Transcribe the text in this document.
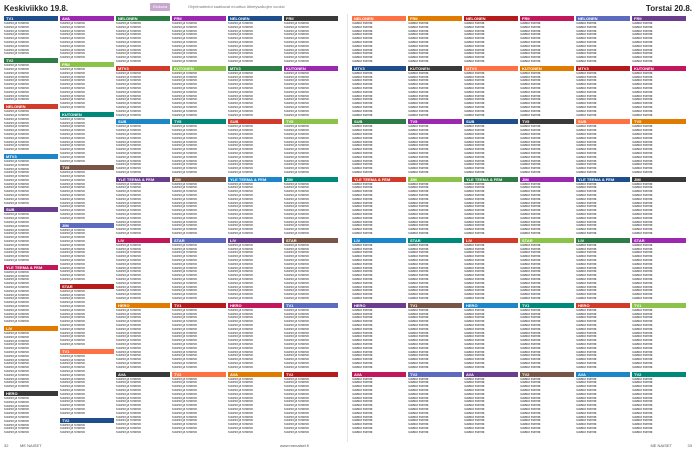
Keskiviikko 19.8.	Elokuva	Ohjelmatiedot saattavat muuttua lähetysaikojen vuoksi
TV1
Kauniit ja rohkeat
Kauniit ja rohkeat
Kauniit ja rohkeat
Kauniit ja rohkeat
Kauniit ja rohkeat
Kauniit ja rohkeat
Kauniit ja rohkeat
Kauniit ja rohkeat
Kauniit ja rohkeat
TV2
Kauniit ja rohkeat
Kauniit ja rohkeat
Kauniit ja rohkeat
Kauniit ja rohkeat
Kauniit ja rohkeat
Kauniit ja rohkeat
Kauniit ja rohkeat
Kauniit ja rohkeat
Kauniit ja rohkeat
Kauniit ja rohkeat
NELONEN
Kauniit ja rohkeat
Kauniit ja rohkeat
Kauniit ja rohkeat
Kauniit ja rohkeat
Kauniit ja rohkeat
Kauniit ja rohkeat
Kauniit ja rohkeat
Kauniit ja rohkeat
Kauniit ja rohkeat
Kauniit ja rohkeat
Kauniit ja rohkeat
MTV3
Kauniit ja rohkeat
Kauniit ja rohkeat
Kauniit ja rohkeat
Kauniit ja rohkeat
Kauniit ja rohkeat
Kauniit ja rohkeat
Kauniit ja rohkeat
Kauniit ja rohkeat
Kauniit ja rohkeat
Kauniit ja rohkeat
Kauniit ja rohkeat
Kauniit ja rohkeat
SUB
Kauniit ja rohkeat
Kauniit ja rohkeat
Kauniit ja rohkeat
Kauniit ja rohkeat
Kauniit ja rohkeat
Kauniit ja rohkeat
Kauniit ja rohkeat
Kauniit ja rohkeat
Kauniit ja rohkeat
Kauniit ja rohkeat
Kauniit ja rohkeat
Kauniit ja rohkeat
Kauniit ja rohkeat
YLE TEEMA & FEM
Kauniit ja rohkeat
Kauniit ja rohkeat
Kauniit ja rohkeat
Kauniit ja rohkeat
Kauniit ja rohkeat
Kauniit ja rohkeat
Kauniit ja rohkeat
Kauniit ja rohkeat
Kauniit ja rohkeat
Kauniit ja rohkeat
Kauniit ja rohkeat
Kauniit ja rohkeat
Kauniit ja rohkeat
Kauniit ja rohkeat
LIV
Kauniit ja rohkeat
Kauniit ja rohkeat
Kauniit ja rohkeat
Kauniit ja rohkeat
Kauniit ja rohkeat
Kauniit ja rohkeat
Kauniit ja rohkeat
Kauniit ja rohkeat
Kauniit ja rohkeat
Kauniit ja rohkeat
Kauniit ja rohkeat
Kauniit ja rohkeat
Kauniit ja rohkeat
Kauniit ja rohkeat
Kauniit ja rohkeat
HERO
Kauniit ja rohkeat
Kauniit ja rohkeat
Kauniit ja rohkeat
Kauniit ja rohkeat
Kauniit ja rohkeat
Kauniit ja rohkeat
Kauniit ja rohkeat
Kauniit ja rohkeat
Kauniit ja rohkeat
Kauniit ja rohkeat
AVA
Kauniit ja rohkeat
Kauniit ja rohkeat
Kauniit ja rohkeat
Kauniit ja rohkeat
Kauniit ja rohkeat
Kauniit ja rohkeat
Kauniit ja rohkeat
Kauniit ja rohkeat
Kauniit ja rohkeat
Kauniit ja rohkeat
FRII
Kauniit ja rohkeat
Kauniit ja rohkeat
Kauniit ja rohkeat
Kauniit ja rohkeat
Kauniit ja rohkeat
Kauniit ja rohkeat
Kauniit ja rohkeat
Kauniit ja rohkeat
Kauniit ja rohkeat
Kauniit ja rohkeat
Kauniit ja rohkeat
KUTONEN
Kauniit ja rohkeat
Kauniit ja rohkeat
Kauniit ja rohkeat
Kauniit ja rohkeat
Kauniit ja rohkeat
Kauniit ja rohkeat
Kauniit ja rohkeat
Kauniit ja rohkeat
Kauniit ja rohkeat
Kauniit ja rohkeat
Kauniit ja rohkeat
Kauniit ja rohkeat
TV5
Kauniit ja rohkeat
Kauniit ja rohkeat
Kauniit ja rohkeat
Kauniit ja rohkeat
Kauniit ja rohkeat
Kauniit ja rohkeat
Kauniit ja rohkeat
Kauniit ja rohkeat
Kauniit ja rohkeat
Kauniit ja rohkeat
Kauniit ja rohkeat
Kauniit ja rohkeat
Kauniit ja rohkeat
JIM
Kauniit ja rohkeat
Kauniit ja rohkeat
Kauniit ja rohkeat
Kauniit ja rohkeat
Kauniit ja rohkeat
Kauniit ja rohkeat
Kauniit ja rohkeat
Kauniit ja rohkeat
Kauniit ja rohkeat
Kauniit ja rohkeat
Kauniit ja rohkeat
Kauniit ja rohkeat
Kauniit ja rohkeat
Kauniit ja rohkeat
STAR
Kauniit ja rohkeat
Kauniit ja rohkeat
Kauniit ja rohkeat
Kauniit ja rohkeat
Kauniit ja rohkeat
Kauniit ja rohkeat
Kauniit ja rohkeat
Kauniit ja rohkeat
Kauniit ja rohkeat
Kauniit ja rohkeat
Kauniit ja rohkeat
Kauniit ja rohkeat
Kauniit ja rohkeat
Kauniit ja rohkeat
Kauniit ja rohkeat
TV1
Kauniit ja rohkeat
Kauniit ja rohkeat
Kauniit ja rohkeat
Kauniit ja rohkeat
Kauniit ja rohkeat
Kauniit ja rohkeat
Kauniit ja rohkeat
Kauniit ja rohkeat
Kauniit ja rohkeat
Kauniit ja rohkeat
Kauniit ja rohkeat
Kauniit ja rohkeat
Kauniit ja rohkeat
Kauniit ja rohkeat
Kauniit ja rohkeat
Kauniit ja rohkeat
TV2
Kauniit ja rohkeat
Kauniit ja rohkeat
Kauniit ja rohkeat
NELONEN
Kauniit ja rohkeat
Kauniit ja rohkeat
Kauniit ja rohkeat
Kauniit ja rohkeat
Kauniit ja rohkeat
Kauniit ja rohkeat
Kauniit ja rohkeat
Kauniit ja rohkeat
Kauniit ja rohkeat
Kauniit ja rohkeat
Kauniit ja rohkeat
MTV3
Kauniit ja rohkeat
Kauniit ja rohkeat
Kauniit ja rohkeat
Kauniit ja rohkeat
Kauniit ja rohkeat
Kauniit ja rohkeat
Kauniit ja rohkeat
Kauniit ja rohkeat
Kauniit ja rohkeat
Kauniit ja rohkeat
Kauniit ja rohkeat
Kauniit ja rohkeat
SUB
Kauniit ja rohkeat
Kauniit ja rohkeat
Kauniit ja rohkeat
Kauniit ja rohkeat
Kauniit ja rohkeat
Kauniit ja rohkeat
Kauniit ja rohkeat
Kauniit ja rohkeat
Kauniit ja rohkeat
Kauniit ja rohkeat
Kauniit ja rohkeat
Kauniit ja rohkeat
Kauniit ja rohkeat
YLE TEEMA & FEM
Kauniit ja rohkeat
Kauniit ja rohkeat
Kauniit ja rohkeat
Kauniit ja rohkeat
Kauniit ja rohkeat
Kauniit ja rohkeat
Kauniit ja rohkeat
Kauniit ja rohkeat
Kauniit ja rohkeat
Kauniit ja rohkeat
Kauniit ja rohkeat
Kauniit ja rohkeat
Kauniit ja rohkeat
Kauniit ja rohkeat
LIV
Kauniit ja rohkeat
Kauniit ja rohkeat
Kauniit ja rohkeat
Kauniit ja rohkeat
Kauniit ja rohkeat
Kauniit ja rohkeat
Kauniit ja rohkeat
Kauniit ja rohkeat
Kauniit ja rohkeat
Kauniit ja rohkeat
Kauniit ja rohkeat
Kauniit ja rohkeat
Kauniit ja rohkeat
Kauniit ja rohkeat
Kauniit ja rohkeat
HERO
Kauniit ja rohkeat
Kauniit ja rohkeat
Kauniit ja rohkeat
Kauniit ja rohkeat
Kauniit ja rohkeat
Kauniit ja rohkeat
Kauniit ja rohkeat
Kauniit ja rohkeat
Kauniit ja rohkeat
Kauniit ja rohkeat
Kauniit ja rohkeat
Kauniit ja rohkeat
Kauniit ja rohkeat
Kauniit ja rohkeat
Kauniit ja rohkeat
Kauniit ja rohkeat
AVA
Kauniit ja rohkeat
Kauniit ja rohkeat
Kauniit ja rohkeat
Kauniit ja rohkeat
Kauniit ja rohkeat
Kauniit ja rohkeat
Kauniit ja rohkeat
Kauniit ja rohkeat
Kauniit ja rohkeat
Kauniit ja rohkeat
Kauniit ja rohkeat
Kauniit ja rohkeat
Kauniit ja rohkeat
Kauniit ja rohkeat
Kauniit ja rohkeat
FRII
Kauniit ja rohkeat
Kauniit ja rohkeat
Kauniit ja rohkeat
Kauniit ja rohkeat
Kauniit ja rohkeat
Kauniit ja rohkeat
Kauniit ja rohkeat
Kauniit ja rohkeat
Kauniit ja rohkeat
Kauniit ja rohkeat
Kauniit ja rohkeat
KUTONEN
Kauniit ja rohkeat
Kauniit ja rohkeat
Kauniit ja rohkeat
Kauniit ja rohkeat
Kauniit ja rohkeat
Kauniit ja rohkeat
Kauniit ja rohkeat
Kauniit ja rohkeat
Kauniit ja rohkeat
Kauniit ja rohkeat
Kauniit ja rohkeat
Kauniit ja rohkeat
TV5
Kauniit ja rohkeat
Kauniit ja rohkeat
Kauniit ja rohkeat
Kauniit ja rohkeat
Kauniit ja rohkeat
Kauniit ja rohkeat
Kauniit ja rohkeat
Kauniit ja rohkeat
Kauniit ja rohkeat
Kauniit ja rohkeat
Kauniit ja rohkeat
Kauniit ja rohkeat
Kauniit ja rohkeat
JIM
Kauniit ja rohkeat
Kauniit ja rohkeat
Kauniit ja rohkeat
Kauniit ja rohkeat
Kauniit ja rohkeat
Kauniit ja rohkeat
Kauniit ja rohkeat
Kauniit ja rohkeat
Kauniit ja rohkeat
Kauniit ja rohkeat
Kauniit ja rohkeat
Kauniit ja rohkeat
Kauniit ja rohkeat
Kauniit ja rohkeat
STAR
Kauniit ja rohkeat
Kauniit ja rohkeat
Kauniit ja rohkeat
Kauniit ja rohkeat
Kauniit ja rohkeat
Kauniit ja rohkeat
Kauniit ja rohkeat
Kauniit ja rohkeat
Kauniit ja rohkeat
Kauniit ja rohkeat
Kauniit ja rohkeat
Kauniit ja rohkeat
Kauniit ja rohkeat
Kauniit ja rohkeat
Kauniit ja rohkeat
TV1
Kauniit ja rohkeat
Kauniit ja rohkeat
Kauniit ja rohkeat
Kauniit ja rohkeat
Kauniit ja rohkeat
Kauniit ja rohkeat
Kauniit ja rohkeat
Kauniit ja rohkeat
Kauniit ja rohkeat
Kauniit ja rohkeat
Kauniit ja rohkeat
Kauniit ja rohkeat
Kauniit ja rohkeat
Kauniit ja rohkeat
Kauniit ja rohkeat
Kauniit ja rohkeat
TV2
Kauniit ja rohkeat
Kauniit ja rohkeat
Kauniit ja rohkeat
Kauniit ja rohkeat
Kauniit ja rohkeat
Kauniit ja rohkeat
Kauniit ja rohkeat
Kauniit ja rohkeat
Kauniit ja rohkeat
Kauniit ja rohkeat
Kauniit ja rohkeat
Kauniit ja rohkeat
Kauniit ja rohkeat
Kauniit ja rohkeat
Kauniit ja rohkeat
NELONEN
Kauniit ja rohkeat
Kauniit ja rohkeat
Kauniit ja rohkeat
Kauniit ja rohkeat
Kauniit ja rohkeat
Kauniit ja rohkeat
Kauniit ja rohkeat
Kauniit ja rohkeat
Kauniit ja rohkeat
Kauniit ja rohkeat
Kauniit ja rohkeat
MTV3
Kauniit ja rohkeat
Kauniit ja rohkeat
Kauniit ja rohkeat
Kauniit ja rohkeat
Kauniit ja rohkeat
Kauniit ja rohkeat
Kauniit ja rohkeat
Kauniit ja rohkeat
Kauniit ja rohkeat
Kauniit ja rohkeat
Kauniit ja rohkeat
Kauniit ja rohkeat
SUB
Kauniit ja rohkeat
Kauniit ja rohkeat
Kauniit ja rohkeat
Kauniit ja rohkeat
Kauniit ja rohkeat
Kauniit ja rohkeat
Kauniit ja rohkeat
Kauniit ja rohkeat
Kauniit ja rohkeat
Kauniit ja rohkeat
Kauniit ja rohkeat
Kauniit ja rohkeat
Kauniit ja rohkeat
YLE TEEMA & FEM
Kauniit ja rohkeat
Kauniit ja rohkeat
Kauniit ja rohkeat
Kauniit ja rohkeat
Kauniit ja rohkeat
Kauniit ja rohkeat
Kauniit ja rohkeat
Kauniit ja rohkeat
Kauniit ja rohkeat
Kauniit ja rohkeat
Kauniit ja rohkeat
Kauniit ja rohkeat
Kauniit ja rohkeat
Kauniit ja rohkeat
LIV
Kauniit ja rohkeat
Kauniit ja rohkeat
Kauniit ja rohkeat
Kauniit ja rohkeat
Kauniit ja rohkeat
Kauniit ja rohkeat
Kauniit ja rohkeat
Kauniit ja rohkeat
Kauniit ja rohkeat
Kauniit ja rohkeat
Kauniit ja rohkeat
Kauniit ja rohkeat
Kauniit ja rohkeat
Kauniit ja rohkeat
Kauniit ja rohkeat
HERO
Kauniit ja rohkeat
Kauniit ja rohkeat
Kauniit ja rohkeat
Kauniit ja rohkeat
Kauniit ja rohkeat
Kauniit ja rohkeat
Kauniit ja rohkeat
Kauniit ja rohkeat
Kauniit ja rohkeat
Kauniit ja rohkeat
Kauniit ja rohkeat
Kauniit ja rohkeat
Kauniit ja rohkeat
Kauniit ja rohkeat
Kauniit ja rohkeat
Kauniit ja rohkeat
AVA
Kauniit ja rohkeat
Kauniit ja rohkeat
Kauniit ja rohkeat
Kauniit ja rohkeat
Kauniit ja rohkeat
Kauniit ja rohkeat
Kauniit ja rohkeat
Kauniit ja rohkeat
Kauniit ja rohkeat
Kauniit ja rohkeat
Kauniit ja rohkeat
Kauniit ja rohkeat
Kauniit ja rohkeat
Kauniit ja rohkeat
Kauniit ja rohkeat
FRII
Kauniit ja rohkeat
Kauniit ja rohkeat
Kauniit ja rohkeat
Kauniit ja rohkeat
Kauniit ja rohkeat
Kauniit ja rohkeat
Kauniit ja rohkeat
Kauniit ja rohkeat
Kauniit ja rohkeat
Kauniit ja rohkeat
Kauniit ja rohkeat
KUTONEN
Kauniit ja rohkeat
Kauniit ja rohkeat
Kauniit ja rohkeat
Kauniit ja rohkeat
Kauniit ja rohkeat
Kauniit ja rohkeat
Kauniit ja rohkeat
Kauniit ja rohkeat
Kauniit ja rohkeat
Kauniit ja rohkeat
Kauniit ja rohkeat
Kauniit ja rohkeat
TV5
Kauniit ja rohkeat
Kauniit ja rohkeat
Kauniit ja rohkeat
Kauniit ja rohkeat
Kauniit ja rohkeat
Kauniit ja rohkeat
Kauniit ja rohkeat
Kauniit ja rohkeat
Kauniit ja rohkeat
Kauniit ja rohkeat
Kauniit ja rohkeat
Kauniit ja rohkeat
Kauniit ja rohkeat
JIM
Kauniit ja rohkeat
Kauniit ja rohkeat
Kauniit ja rohkeat
Kauniit ja rohkeat
Kauniit ja rohkeat
Kauniit ja rohkeat
Kauniit ja rohkeat
Kauniit ja rohkeat
Kauniit ja rohkeat
Kauniit ja rohkeat
Kauniit ja rohkeat
Kauniit ja rohkeat
Kauniit ja rohkeat
Kauniit ja rohkeat
STAR
Kauniit ja rohkeat
Kauniit ja rohkeat
Kauniit ja rohkeat
Kauniit ja rohkeat
Kauniit ja rohkeat
Kauniit ja rohkeat
Kauniit ja rohkeat
Kauniit ja rohkeat
Kauniit ja rohkeat
Kauniit ja rohkeat
Kauniit ja rohkeat
Kauniit ja rohkeat
Kauniit ja rohkeat
Kauniit ja rohkeat
Kauniit ja rohkeat
TV1
Kauniit ja rohkeat
Kauniit ja rohkeat
Kauniit ja rohkeat
Kauniit ja rohkeat
Kauniit ja rohkeat
Kauniit ja rohkeat
Kauniit ja rohkeat
Kauniit ja rohkeat
Kauniit ja rohkeat
Kauniit ja rohkeat
Kauniit ja rohkeat
Kauniit ja rohkeat
Kauniit ja rohkeat
Kauniit ja rohkeat
Kauniit ja rohkeat
Kauniit ja rohkeat
TV2
Kauniit ja rohkeat
Kauniit ja rohkeat
Kauniit ja rohkeat
Kauniit ja rohkeat
Kauniit ja rohkeat
Kauniit ja rohkeat
Kauniit ja rohkeat
Kauniit ja rohkeat
Kauniit ja rohkeat
Kauniit ja rohkeat
Kauniit ja rohkeat
Kauniit ja rohkeat
Kauniit ja rohkeat
Kauniit ja rohkeat
Kauniit ja rohkeat
32	ME NAISET	www.menaiset.fi
Torstai 20.8.
NELONEN
Salatut elämät
Salatut elämät
Salatut elämät
Salatut elämät
Salatut elämät
Salatut elämät
Salatut elämät
Salatut elämät
Salatut elämät
Salatut elämät
Salatut elämät
MTV3
Salatut elämät
Salatut elämät
Salatut elämät
Salatut elämät
Salatut elämät
Salatut elämät
Salatut elämät
Salatut elämät
Salatut elämät
Salatut elämät
Salatut elämät
Salatut elämät
SUB
Salatut elämät
Salatut elämät
Salatut elämät
Salatut elämät
Salatut elämät
Salatut elämät
Salatut elämät
Salatut elämät
Salatut elämät
Salatut elämät
Salatut elämät
Salatut elämät
Salatut elämät
YLE TEEMA & FEM
Salatut elämät
Salatut elämät
Salatut elämät
Salatut elämät
Salatut elämät
Salatut elämät
Salatut elämät
Salatut elämät
Salatut elämät
Salatut elämät
Salatut elämät
Salatut elämät
Salatut elämät
Salatut elämät
LIV
Salatut elämät
Salatut elämät
Salatut elämät
Salatut elämät
Salatut elämät
Salatut elämät
Salatut elämät
Salatut elämät
Salatut elämät
Salatut elämät
Salatut elämät
Salatut elämät
Salatut elämät
Salatut elämät
Salatut elämät
HERO
Salatut elämät
Salatut elämät
Salatut elämät
Salatut elämät
Salatut elämät
Salatut elämät
Salatut elämät
Salatut elämät
Salatut elämät
Salatut elämät
Salatut elämät
Salatut elämät
Salatut elämät
Salatut elämät
Salatut elämät
Salatut elämät
AVA
Salatut elämät
Salatut elämät
Salatut elämät
Salatut elämät
Salatut elämät
Salatut elämät
Salatut elämät
Salatut elämät
Salatut elämät
Salatut elämät
Salatut elämät
Salatut elämät
Salatut elämät
Salatut elämät
Salatut elämät
FRII
Salatut elämät
Salatut elämät
Salatut elämät
Salatut elämät
Salatut elämät
Salatut elämät
Salatut elämät
Salatut elämät
Salatut elämät
Salatut elämät
Salatut elämät
KUTONEN
Salatut elämät
Salatut elämät
Salatut elämät
Salatut elämät
Salatut elämät
Salatut elämät
Salatut elämät
Salatut elämät
Salatut elämät
Salatut elämät
Salatut elämät
Salatut elämät
TV5
Salatut elämät
Salatut elämät
Salatut elämät
Salatut elämät
Salatut elämät
Salatut elämät
Salatut elämät
Salatut elämät
Salatut elämät
Salatut elämät
Salatut elämät
Salatut elämät
Salatut elämät
JIM
Salatut elämät
Salatut elämät
Salatut elämät
Salatut elämät
Salatut elämät
Salatut elämät
Salatut elämät
Salatut elämät
Salatut elämät
Salatut elämät
Salatut elämät
Salatut elämät
Salatut elämät
Salatut elämät
STAR
Salatut elämät
Salatut elämät
Salatut elämät
Salatut elämät
Salatut elämät
Salatut elämät
Salatut elämät
Salatut elämät
Salatut elämät
Salatut elämät
Salatut elämät
Salatut elämät
Salatut elämät
Salatut elämät
Salatut elämät
TV1
Salatut elämät
Salatut elämät
Salatut elämät
Salatut elämät
Salatut elämät
Salatut elämät
Salatut elämät
Salatut elämät
Salatut elämät
Salatut elämät
Salatut elämät
Salatut elämät
Salatut elämät
Salatut elämät
Salatut elämät
Salatut elämät
TV2
Salatut elämät
Salatut elämät
Salatut elämät
Salatut elämät
Salatut elämät
Salatut elämät
Salatut elämät
Salatut elämät
Salatut elämät
Salatut elämät
Salatut elämät
Salatut elämät
Salatut elämät
Salatut elämät
Salatut elämät
NELONEN
Salatut elämät
Salatut elämät
Salatut elämät
Salatut elämät
Salatut elämät
Salatut elämät
Salatut elämät
Salatut elämät
Salatut elämät
Salatut elämät
Salatut elämät
MTV3
Salatut elämät
Salatut elämät
Salatut elämät
Salatut elämät
Salatut elämät
Salatut elämät
Salatut elämät
Salatut elämät
Salatut elämät
Salatut elämät
Salatut elämät
Salatut elämät
SUB
Salatut elämät
Salatut elämät
Salatut elämät
Salatut elämät
Salatut elämät
Salatut elämät
Salatut elämät
Salatut elämät
Salatut elämät
Salatut elämät
Salatut elämät
Salatut elämät
Salatut elämät
YLE TEEMA & FEM
Salatut elämät
Salatut elämät
Salatut elämät
Salatut elämät
Salatut elämät
Salatut elämät
Salatut elämät
Salatut elämät
Salatut elämät
Salatut elämät
Salatut elämät
Salatut elämät
Salatut elämät
Salatut elämät
LIV
Salatut elämät
Salatut elämät
Salatut elämät
Salatut elämät
Salatut elämät
Salatut elämät
Salatut elämät
Salatut elämät
Salatut elämät
Salatut elämät
Salatut elämät
Salatut elämät
Salatut elämät
Salatut elämät
Salatut elämät
HERO
Salatut elämät
Salatut elämät
Salatut elämät
Salatut elämät
Salatut elämät
Salatut elämät
Salatut elämät
Salatut elämät
Salatut elämät
Salatut elämät
Salatut elämät
Salatut elämät
Salatut elämät
Salatut elämät
Salatut elämät
Salatut elämät
AVA
Salatut elämät
Salatut elämät
Salatut elämät
Salatut elämät
Salatut elämät
Salatut elämät
Salatut elämät
Salatut elämät
Salatut elämät
Salatut elämät
Salatut elämät
Salatut elämät
Salatut elämät
Salatut elämät
Salatut elämät
FRII
Salatut elämät
Salatut elämät
Salatut elämät
Salatut elämät
Salatut elämät
Salatut elämät
Salatut elämät
Salatut elämät
Salatut elämät
Salatut elämät
Salatut elämät
KUTONEN
Salatut elämät
Salatut elämät
Salatut elämät
Salatut elämät
Salatut elämät
Salatut elämät
Salatut elämät
Salatut elämät
Salatut elämät
Salatut elämät
Salatut elämät
Salatut elämät
TV5
Salatut elämät
Salatut elämät
Salatut elämät
Salatut elämät
Salatut elämät
Salatut elämät
Salatut elämät
Salatut elämät
Salatut elämät
Salatut elämät
Salatut elämät
Salatut elämät
Salatut elämät
JIM
Salatut elämät
Salatut elämät
Salatut elämät
Salatut elämät
Salatut elämät
Salatut elämät
Salatut elämät
Salatut elämät
Salatut elämät
Salatut elämät
Salatut elämät
Salatut elämät
Salatut elämät
Salatut elämät
STAR
Salatut elämät
Salatut elämät
Salatut elämät
Salatut elämät
Salatut elämät
Salatut elämät
Salatut elämät
Salatut elämät
Salatut elämät
Salatut elämät
Salatut elämät
Salatut elämät
Salatut elämät
Salatut elämät
Salatut elämät
TV1
Salatut elämät
Salatut elämät
Salatut elämät
Salatut elämät
Salatut elämät
Salatut elämät
Salatut elämät
Salatut elämät
Salatut elämät
Salatut elämät
Salatut elämät
Salatut elämät
Salatut elämät
Salatut elämät
Salatut elämät
Salatut elämät
TV2
Salatut elämät
Salatut elämät
Salatut elämät
Salatut elämät
Salatut elämät
Salatut elämät
Salatut elämät
Salatut elämät
Salatut elämät
Salatut elämät
Salatut elämät
Salatut elämät
Salatut elämät
Salatut elämät
Salatut elämät
NELONEN
Salatut elämät
Salatut elämät
Salatut elämät
Salatut elämät
Salatut elämät
Salatut elämät
Salatut elämät
Salatut elämät
Salatut elämät
Salatut elämät
Salatut elämät
MTV3
Salatut elämät
Salatut elämät
Salatut elämät
Salatut elämät
Salatut elämät
Salatut elämät
Salatut elämät
Salatut elämät
Salatut elämät
Salatut elämät
Salatut elämät
Salatut elämät
SUB
Salatut elämät
Salatut elämät
Salatut elämät
Salatut elämät
Salatut elämät
Salatut elämät
Salatut elämät
Salatut elämät
Salatut elämät
Salatut elämät
Salatut elämät
Salatut elämät
Salatut elämät
YLE TEEMA & FEM
Salatut elämät
Salatut elämät
Salatut elämät
Salatut elämät
Salatut elämät
Salatut elämät
Salatut elämät
Salatut elämät
Salatut elämät
Salatut elämät
Salatut elämät
Salatut elämät
Salatut elämät
Salatut elämät
LIV
Salatut elämät
Salatut elämät
Salatut elämät
Salatut elämät
Salatut elämät
Salatut elämät
Salatut elämät
Salatut elämät
Salatut elämät
Salatut elämät
Salatut elämät
Salatut elämät
Salatut elämät
Salatut elämät
Salatut elämät
HERO
Salatut elämät
Salatut elämät
Salatut elämät
Salatut elämät
Salatut elämät
Salatut elämät
Salatut elämät
Salatut elämät
Salatut elämät
Salatut elämät
Salatut elämät
Salatut elämät
Salatut elämät
Salatut elämät
Salatut elämät
Salatut elämät
AVA
Salatut elämät
Salatut elämät
Salatut elämät
Salatut elämät
Salatut elämät
Salatut elämät
Salatut elämät
Salatut elämät
Salatut elämät
Salatut elämät
Salatut elämät
Salatut elämät
Salatut elämät
Salatut elämät
Salatut elämät
FRII
Salatut elämät
Salatut elämät
Salatut elämät
Salatut elämät
Salatut elämät
Salatut elämät
Salatut elämät
Salatut elämät
Salatut elämät
Salatut elämät
Salatut elämät
KUTONEN
Salatut elämät
Salatut elämät
Salatut elämät
Salatut elämät
Salatut elämät
Salatut elämät
Salatut elämät
Salatut elämät
Salatut elämät
Salatut elämät
Salatut elämät
Salatut elämät
TV5
Salatut elämät
Salatut elämät
Salatut elämät
Salatut elämät
Salatut elämät
Salatut elämät
Salatut elämät
Salatut elämät
Salatut elämät
Salatut elämät
Salatut elämät
Salatut elämät
Salatut elämät
JIM
Salatut elämät
Salatut elämät
Salatut elämät
Salatut elämät
Salatut elämät
Salatut elämät
Salatut elämät
Salatut elämät
Salatut elämät
Salatut elämät
Salatut elämät
Salatut elämät
Salatut elämät
Salatut elämät
STAR
Salatut elämät
Salatut elämät
Salatut elämät
Salatut elämät
Salatut elämät
Salatut elämät
Salatut elämät
Salatut elämät
Salatut elämät
Salatut elämät
Salatut elämät
Salatut elämät
Salatut elämät
Salatut elämät
Salatut elämät
TV1
Salatut elämät
Salatut elämät
Salatut elämät
Salatut elämät
Salatut elämät
Salatut elämät
Salatut elämät
Salatut elämät
Salatut elämät
Salatut elämät
Salatut elämät
Salatut elämät
Salatut elämät
Salatut elämät
Salatut elämät
Salatut elämät
TV2
Salatut elämät
Salatut elämät
Salatut elämät
Salatut elämät
Salatut elämät
Salatut elämät
Salatut elämät
Salatut elämät
Salatut elämät
Salatut elämät
Salatut elämät
Salatut elämät
Salatut elämät
Salatut elämät
Salatut elämät
ME NAISET	33
